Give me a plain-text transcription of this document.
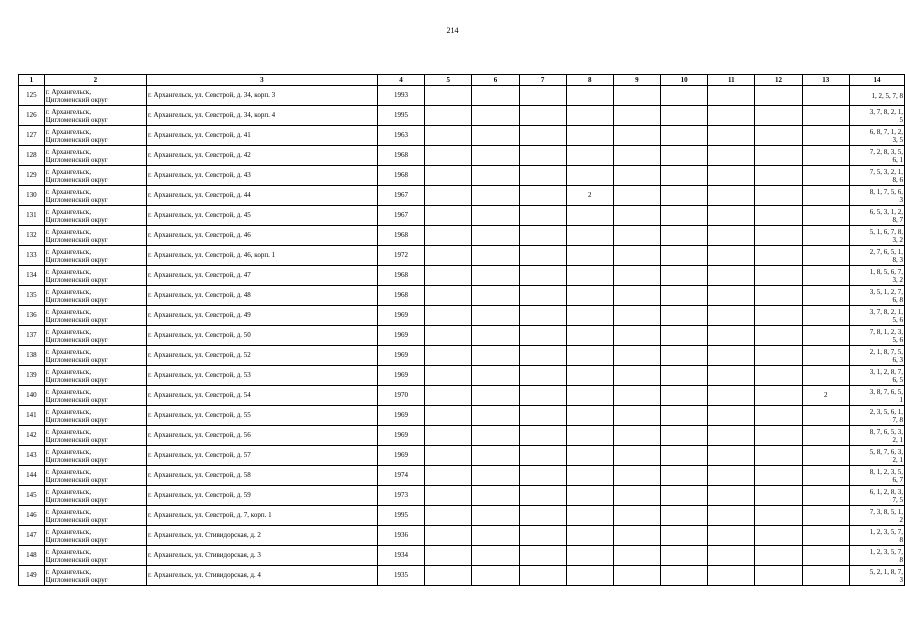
214
1	2	3	4	5	6	7	8	9	10	11	12	13	14
125	г. Архангельск,
Цигломенский округ	г. Архангельск, ул. Севстрой, д. 34, корп. 3	1993										1, 2, 5, 7, 8

126	г. Архангельск,
Цигломенский округ	г. Архангельск, ул. Севстрой, д. 34, корп. 4	1995										3, 7, 8, 2, 1,
5

127	г. Архангельск,
Цигломенский округ	г. Архангельск, ул. Севстрой, д. 41	1963										6, 8, 7, 1, 2,
3, 5

128	г. Архангельск,
Цигломенский округ	г. Архангельск, ул. Севстрой, д. 42	1968										7, 2, 8, 3, 5,
6, 1

129	г. Архангельск,
Цигломенский округ	г. Архангельск, ул. Севстрой, д. 43	1968										7, 5, 3, 2, 1,
8, 6

130	г. Архангельск,
Цигломенский округ	г. Архангельск, ул. Севстрой, д. 44	1967				2						8, 1, 7, 5, 6,
3

131	г. Архангельск,
Цигломенский округ	г. Архангельск, ул. Севстрой, д. 45	1967										6, 5, 3, 1, 2,
8, 7

132	г. Архангельск,
Цигломенский округ	г. Архангельск, ул. Севстрой, д. 46	1968										5, 1, 6, 7, 8,
3, 2

133	г. Архангельск,
Цигломенский округ	г. Архангельск, ул. Севстрой, д. 46, корп. 1	1972										2, 7, 6, 5, 1,
8, 3

134	г. Архангельск,
Цигломенский округ	г. Архангельск, ул. Севстрой, д. 47	1968										1, 8, 5, 6, 7,
3, 2

135	г. Архангельск,
Цигломенский округ	г. Архангельск, ул. Севстрой, д. 48	1968										3, 5, 1, 2, 7,
6, 8

136	г. Архангельск,
Цигломенский округ	г. Архангельск, ул. Севстрой, д. 49	1969										3, 7, 8, 2, 1,
5, 6

137	г. Архангельск,
Цигломенский округ	г. Архангельск, ул. Севстрой, д. 50	1969										7, 8, 1, 2, 3,
5, 6

138	г. Архангельск,
Цигломенский округ	г. Архангельск, ул. Севстрой, д. 52	1969										2, 1, 8, 7, 5,
6, 3

139	г. Архангельск,
Цигломенский округ	г. Архангельск, ул. Севстрой, д. 53	1969										3, 1, 2, 8, 7,
6, 5

140	г. Архангельск,
Цигломенский округ	г. Архангельск, ул. Севстрой, д. 54	1970									2	3, 8, 7, 6, 5,
1

141	г. Архангельск,
Цигломенский округ	г. Архангельск, ул. Севстрой, д. 55	1969										2, 3, 5, 6, 1,
7, 8

142	г. Архангельск,
Цигломенский округ	г. Архангельск, ул. Севстрой, д. 56	1969										8, 7, 6, 5, 3,
2, 1

143	г. Архангельск,
Цигломенский округ	г. Архангельск, ул. Севстрой, д. 57	1969										5, 8, 7, 6, 3,
2, 1

144	г. Архангельск,
Цигломенский округ	г. Архангельск, ул. Севстрой, д. 58	1974										8, 1, 2, 3, 5,
6, 7

145	г. Архангельск,
Цигломенский округ	г. Архангельск, ул. Севстрой, д. 59	1973										6, 1, 2, 8, 3,
7, 5

146	г. Архангельск,
Цигломенский округ	г. Архангельск, ул. Севстрой, д. 7, корп. 1	1995										7, 3, 8, 5, 1,
2

147	г. Архангельск,
Цигломенский округ	г. Архангельск, ул. Стивидорская, д. 2	1936										1, 2, 3, 5, 7,
8

148	г. Архангельск,
Цигломенский округ	г. Архангельск, ул. Стивидорская, д. 3	1934										1, 2, 3, 5, 7,
8

149	г. Архангельск,
Цигломенский округ	г. Архангельск, ул. Стивидорская, д. 4	1935										5, 2, 1, 8, 7,
3
